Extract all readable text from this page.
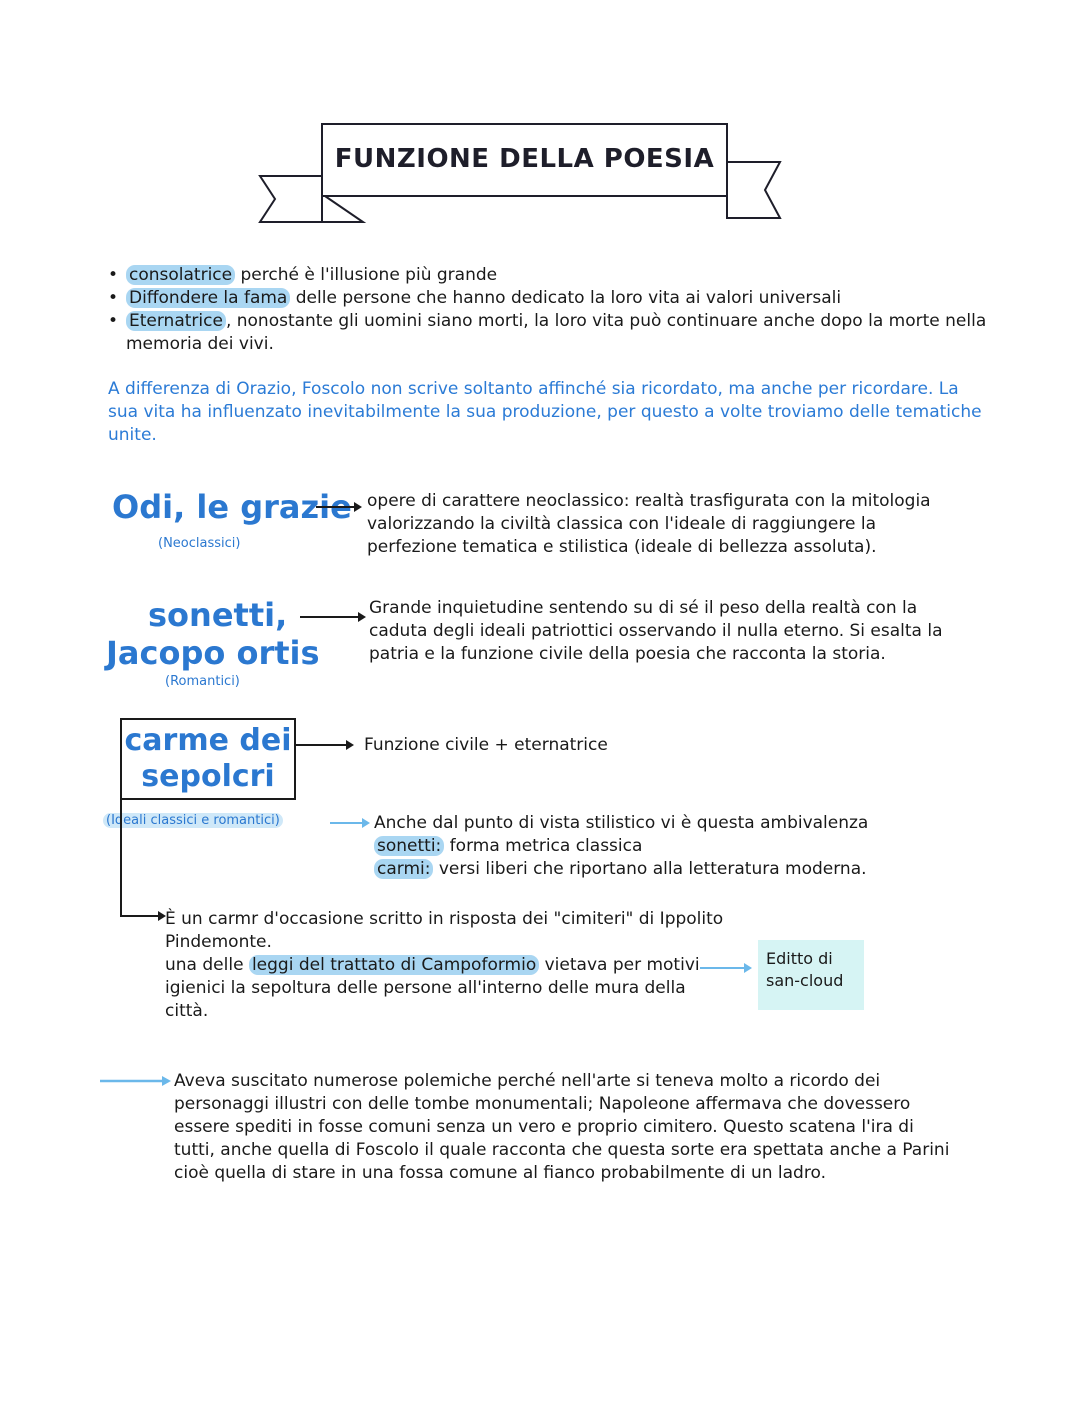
FUNZIONE DELLA POESIA
• consolatrice perché è l'illusione più grande
• Diffondere la fama delle persone che hanno dedicato la loro vita ai valori universali
• Eternatrice , nonostante gli uomini siano morti, la loro vita può continuare anche dopo la morte nella memoria dei vivi.
A differenza di Orazio, Foscolo non scrive soltanto affinché sia ricordato, ma anche per ricordare. La sua vita ha influenzato inevitabilmente la sua produzione, per questo a volte troviamo delle tematiche unite.
Odi, le grazie
(Neoclassici)
opere di carattere neoclassico: realtà trasfigurata con la mitologia valorizzando la civiltà classica con l'ideale di raggiungere la perfezione tematica e stilistica (ideale di bellezza assoluta).
sonetti,
Jacopo ortis
(Romantici)
Grande inquietudine sentendo su di sé il peso della realtà con la caduta degli ideali patriottici osservando il nulla eterno. Si esalta la patria e la funzione civile della poesia che racconta la storia.
carme dei
sepolcri
(Ideali classici e romantici)
Funzione civile + eternatrice
Anche dal punto di vista stilistico vi è questa ambivalenza
sonetti: forma metrica classica
carmi: versi liberi che riportano alla letteratura moderna.
È un carmr d'occasione scritto in risposta dei "cimiteri" di Ippolito Pindemonte.
una delle leggi del trattato di Campoformio vietava per motivi igienici la sepoltura delle persone all'interno delle mura della città.
Editto di san-cloud
Aveva suscitato numerose polemiche perché nell'arte si teneva molto a ricordo dei personaggi illustri con delle tombe monumentali; Napoleone affermava che dovessero essere spediti in fosse comuni senza un vero e proprio cimitero. Questo scatena l'ira di tutti, anche quella di Foscolo il quale racconta che questa sorte era spettata anche a Parini cioè quella di stare in una fossa comune al fianco probabilmente di un ladro.
